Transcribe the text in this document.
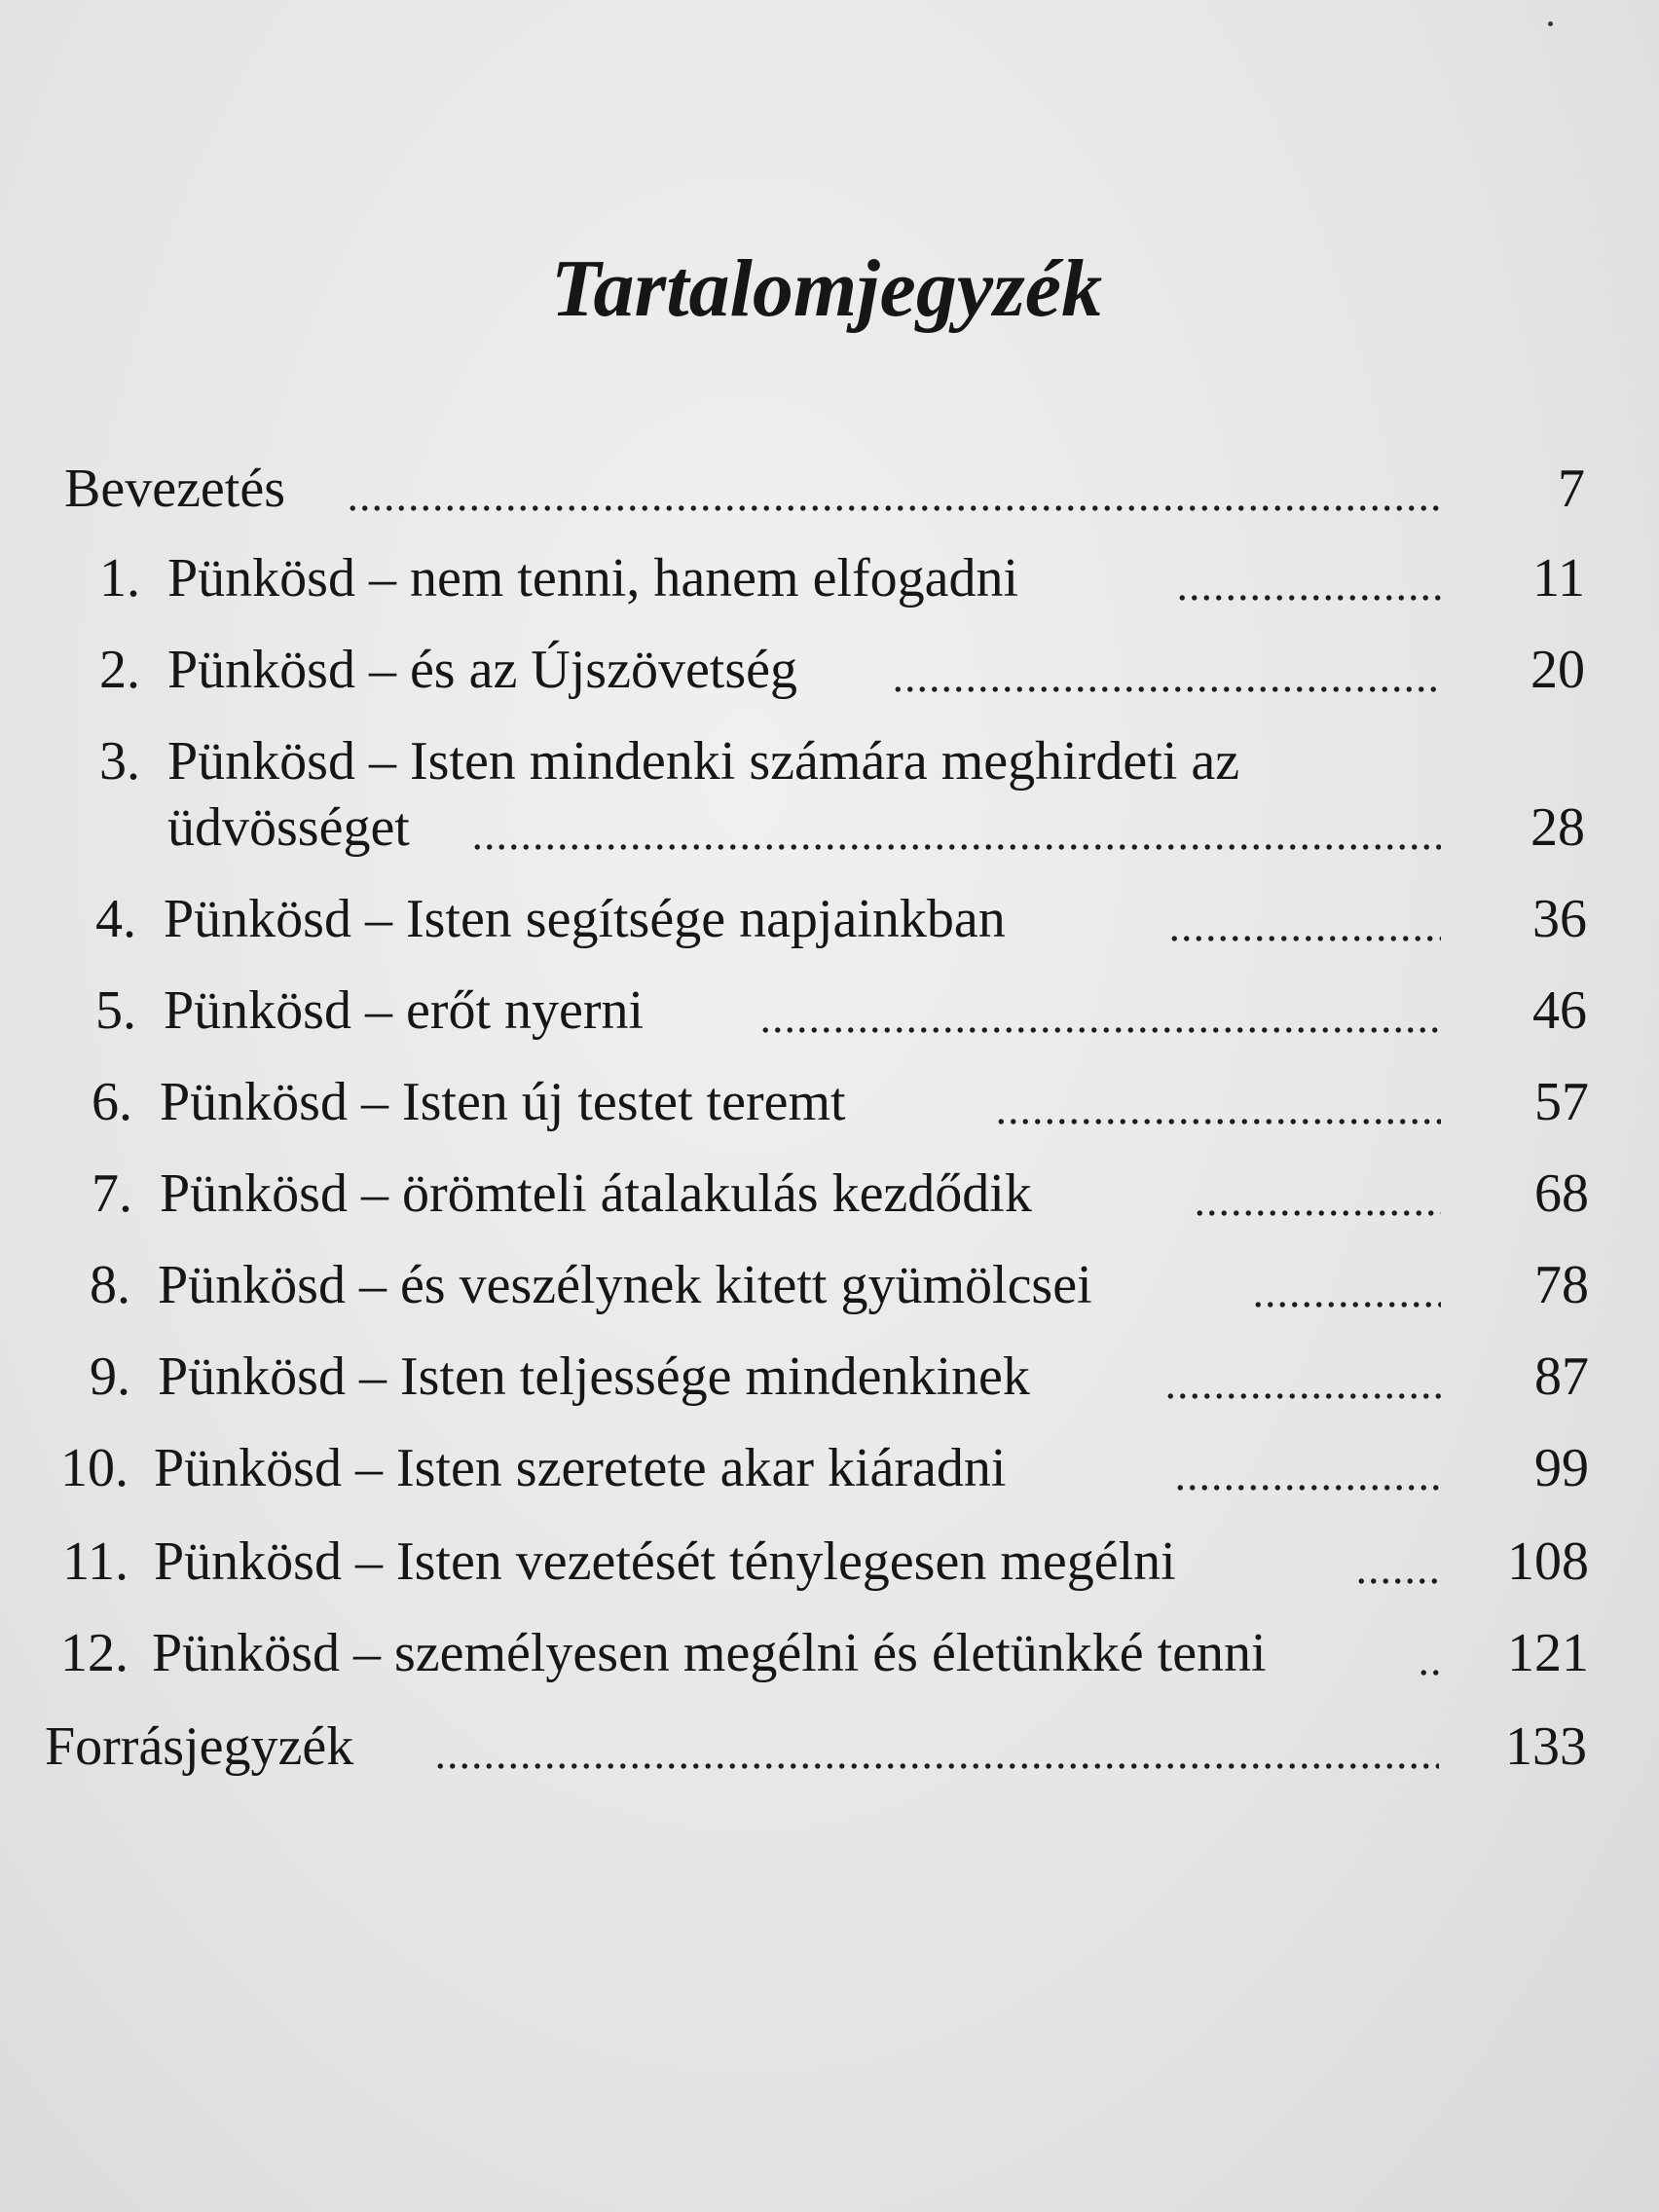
Tartalomjegyzék
Bevezetés	7
1. Pünkösd – nem tenni, hanem elfogadni	11
2. Pünkösd – és az Újszövetség	20
3. Pünkösd – Isten mindenki számára meghirdeti az
üdvösséget	28
4. Pünkösd – Isten segítsége napjainkban	36
5. Pünkösd – erőt nyerni	46
6. Pünkösd – Isten új testet teremt	57
7. Pünkösd – örömteli átalakulás kezdődik	68
8. Pünkösd – és veszélynek kitett gyümölcsei	78
9. Pünkösd – Isten teljessége mindenkinek	87
10. Pünkösd – Isten szeretete akar kiáradni	99
11. Pünkösd – Isten vezetését ténylegesen megélni	108
12. Pünkösd – személyesen megélni és életünkké tenni	121
Forrásjegyzék	133
